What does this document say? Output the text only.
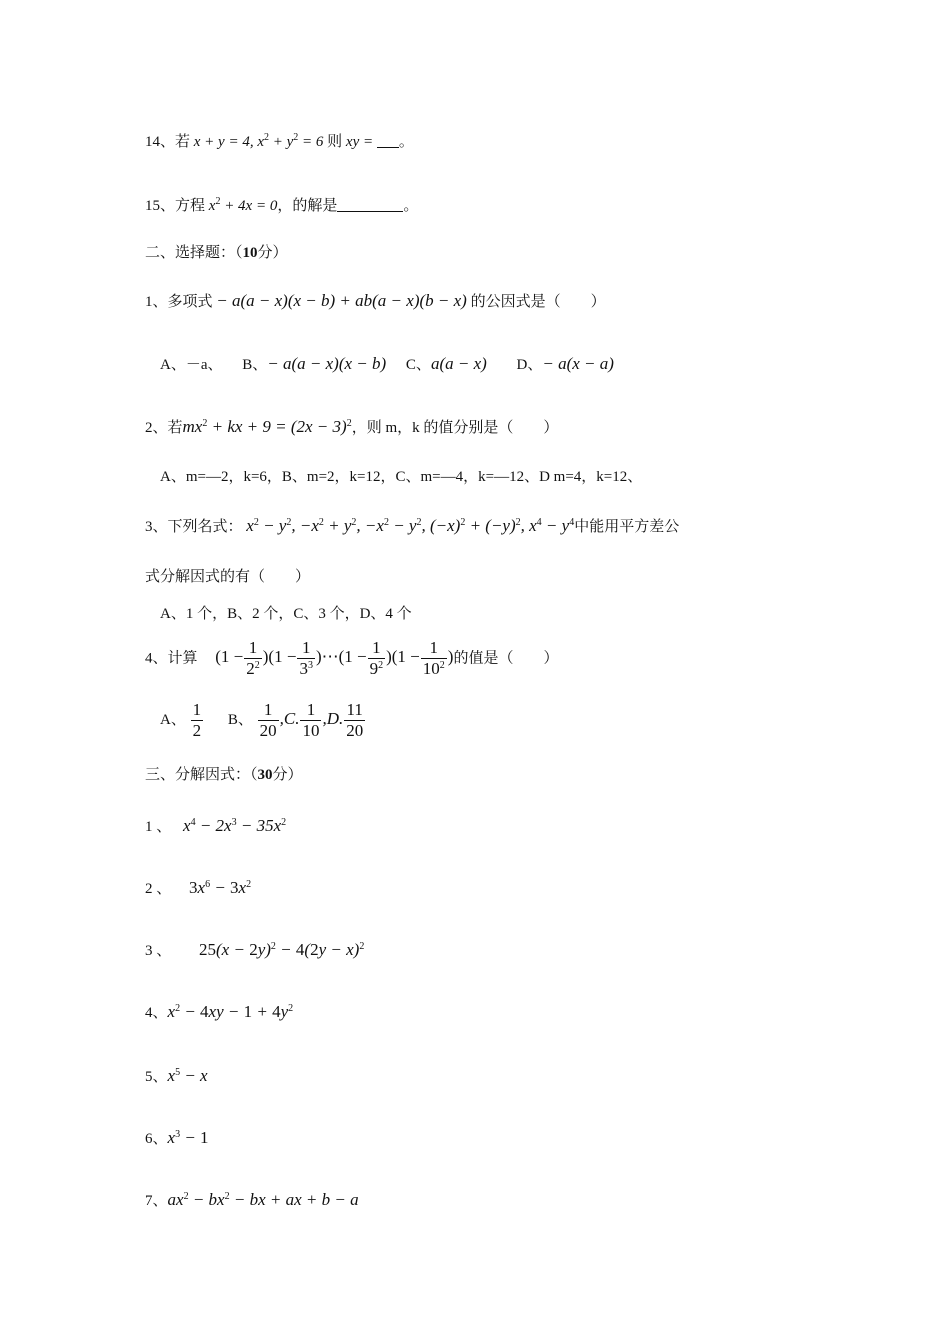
14、若 x + y = 4, $x^2 + y^2 = 6$ 则 xy = 。
15、方程 $x^2 + 4x = 0$，的解是	。
二、选择题：（10分）
1、多项式 − a(a − x)(x − b) + ab(a − x)(b − x) 的公因式是（　　）
A、－a、 B、− a(a − x)(x − b) C、a(a − x) D、− a(x − a)
2、若$mx^2$ + kx + $9 = (2x - 3)^2$，则 m，k 的值分别是（　　）
A、m=—2，k=6，B、m=2，k=12，C、m=—4，k=—12、D m=4，k=12、
3、下列名式： $x^2 - y^2$, $-x^2 + y^2$, $-x^2 - y^2$, $(-x)^2 + (-y)^2$, $x^4 - y^4$中能用平方差公
式分解因式的有（　　）
A、1 个，B、2 个，C、3 个，D、4 个
4、计算 $(1 - \frac{1}{2^2} )(1 - \frac{1}{3^3}$ )⋯(1 − $\frac{1}{9^2} )(1 - \frac{1}{10^2}$ )的值是（　　）
A、 $\frac{1}{2}$ B、 $\frac{1}{20} ,C$. $\frac{1}{10} ,D$. $\frac{11}{20}$
三、分解因式：（30分）
1 、 $x^4 - 2x^3 - 35x^2$
2 、 $3x^6 - 3x^2$
3 、 $25(x - 2y)^2 - 4(2y - x)^2$
4、$x^2 - 4xy - 1 + 4y^2$
5、$x^5 - x$
6、$x^3 - 1$
7、$ax^2 - bx^2$ − bx + ax + b − a
